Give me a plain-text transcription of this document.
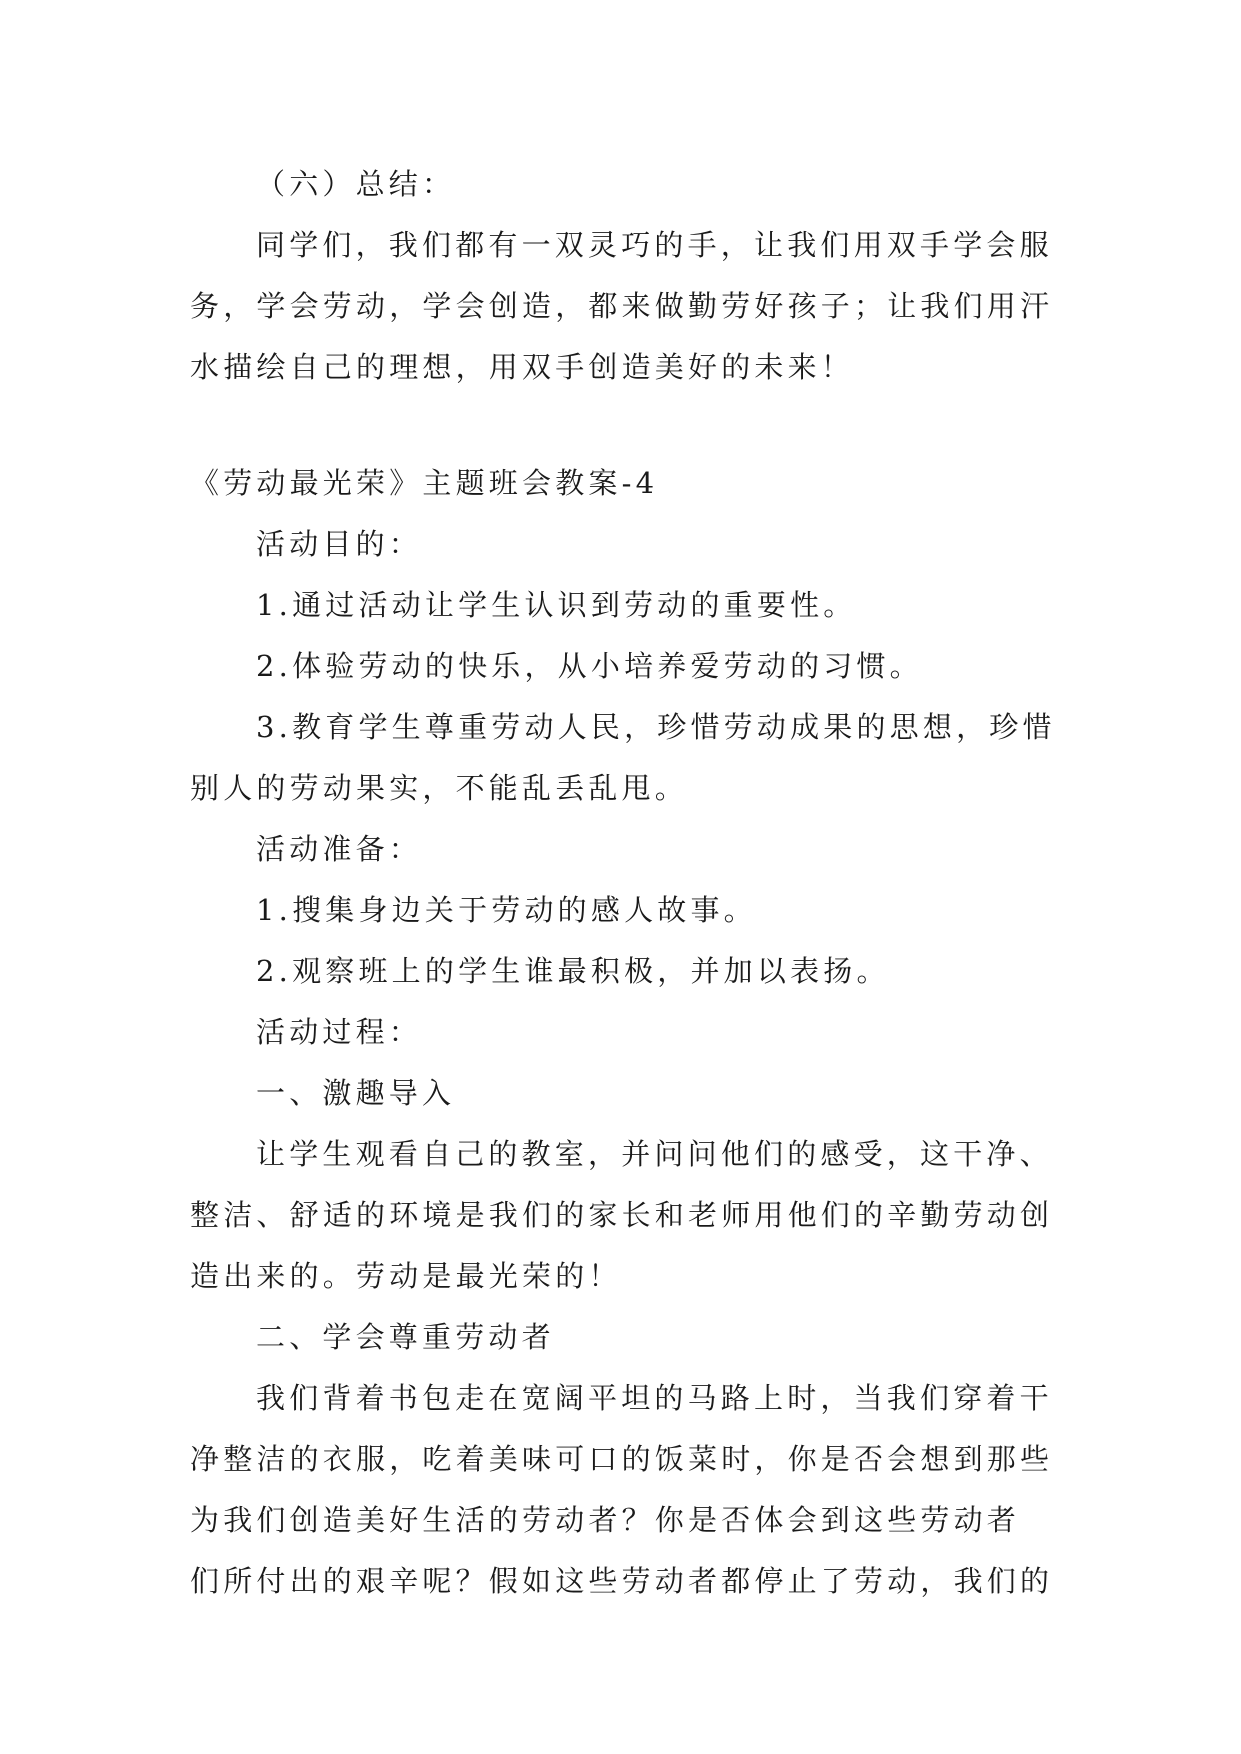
（六）总结：
同学们，我们都有一双灵巧的手，让我们用双手学会服
务，学会劳动，学会创造，都来做勤劳好孩子；让我们用汗
水描绘自己的理想，用双手创造美好的未来！
《劳动最光荣》主题班会教案-4
活动目的：
1.通过活动让学生认识到劳动的重要性。
2.体验劳动的快乐，从小培养爱劳动的习惯。
3.教育学生尊重劳动人民，珍惜劳动成果的思想，珍惜
别人的劳动果实，不能乱丢乱甩。
活动准备：
1.搜集身边关于劳动的感人故事。
2.观察班上的学生谁最积极，并加以表扬。
活动过程：
一、激趣导入
让学生观看自己的教室，并问问他们的感受，这干净、
整洁、舒适的环境是我们的家长和老师用他们的辛勤劳动创
造出来的。劳动是最光荣的！
二、学会尊重劳动者
我们背着书包走在宽阔平坦的马路上时，当我们穿着干
净整洁的衣服，吃着美味可口的饭菜时，你是否会想到那些
为我们创造美好生活的劳动者？你是否体会到这些劳动者
们所付出的艰辛呢？假如这些劳动者都停止了劳动，我们的
